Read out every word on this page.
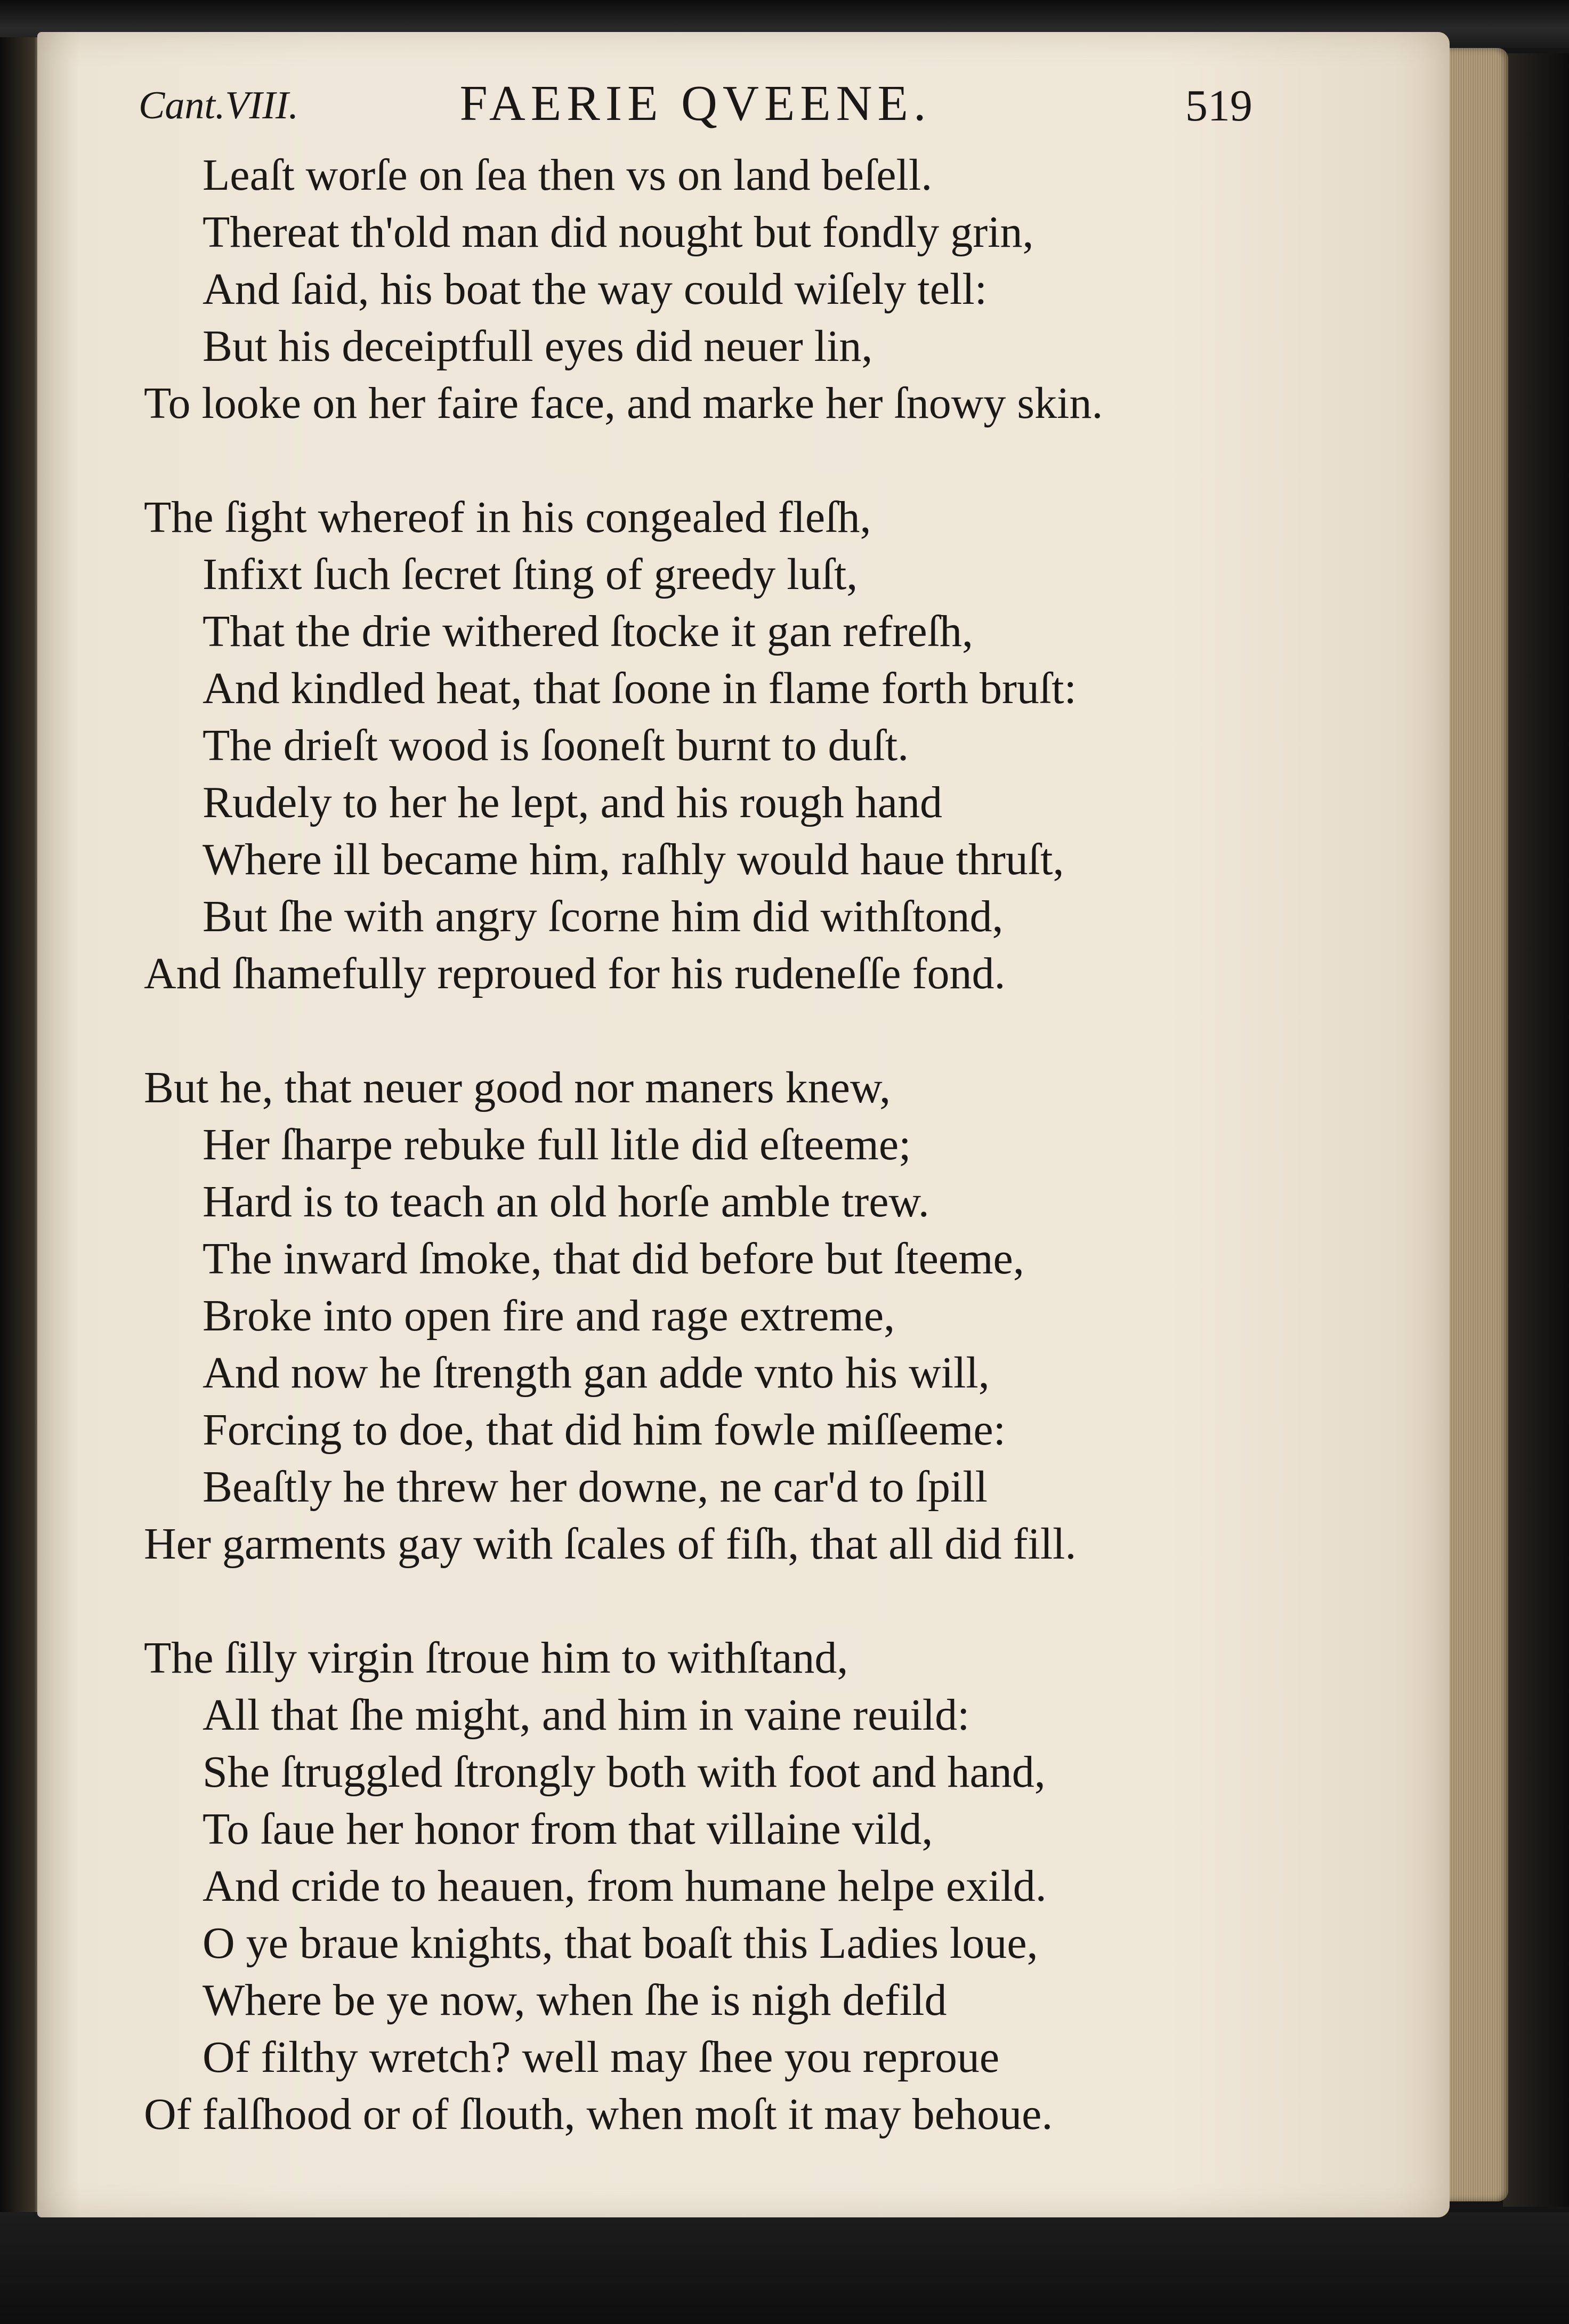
Cant.VIII.	FAERIE QVEENE.	519
Leaſt worſe on ſea then vs on land beſell.
Thereat th'old man did nought but fondly grin,
And ſaid, his boat the way could wiſely tell:
But his deceiptfull eyes did neuer lin,
To looke on her faire face, and marke her ſnowy skin.
The ſight whereof in his congealed fleſh,
Infixt ſuch ſecret ſting of greedy luſt,
That the drie withered ſtocke it gan refreſh,
And kindled heat, that ſoone in flame forth bruſt:
The drieſt wood is ſooneſt burnt to duſt.
Rudely to her he lept, and his rough hand
Where ill became him, raſhly would haue thruſt,
But ſhe with angry ſcorne him did withſtond,
And ſhamefully reproued for his rudeneſſe fond.
But he, that neuer good nor maners knew,
Her ſharpe rebuke full litle did eſteeme;
Hard is to teach an old horſe amble trew.
The inward ſmoke, that did before but ſteeme,
Broke into open fire and rage extreme,
And now he ſtrength gan adde vnto his will,
Forcing to doe, that did him fowle miſſeeme:
Beaſtly he threw her downe, ne car'd to ſpill
Her garments gay with ſcales of fiſh, that all did fill.
The ſilly virgin ſtroue him to withſtand,
All that ſhe might, and him in vaine reuild:
She ſtruggled ſtrongly both with foot and hand,
To ſaue her honor from that villaine vild,
And cride to heauen, from humane helpe exild.
O ye braue knights, that boaſt this Ladies loue,
Where be ye now, when ſhe is nigh defild
Of filthy wretch? well may ſhee you reproue
Of falſhood or of ſlouth, when moſt it may behoue.
